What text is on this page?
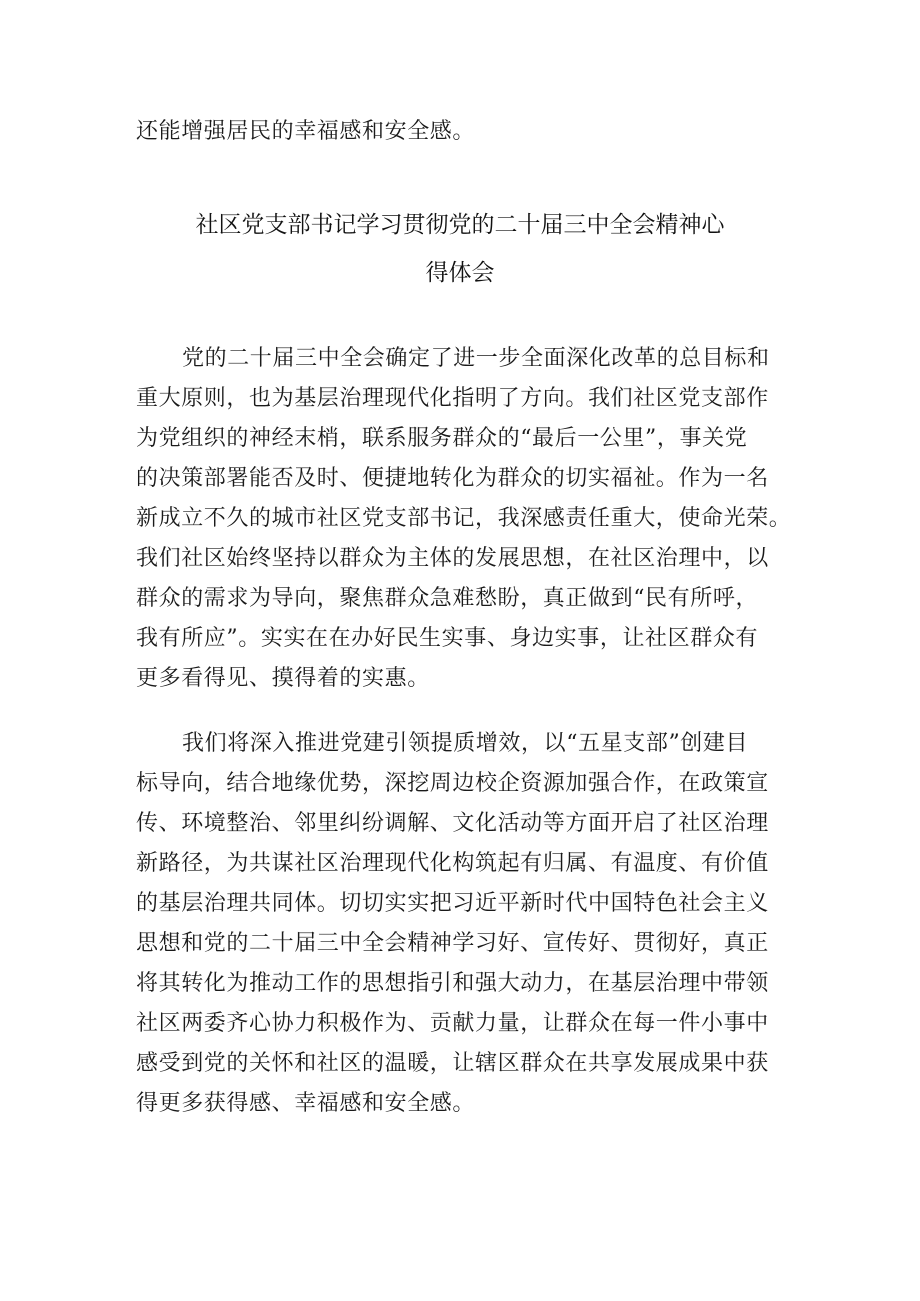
还能增强居民的幸福感和安全感。
社区党支部书记学习贯彻党的二十届三中全会精神心
得体会
党的二十届三中全会确定了进一步全面深化改革的总目标和
重大原则，也为基层治理现代化指明了方向。我们社区党支部作
为党组织的神经末梢，联系服务群众的“最后一公里”，事关党
的决策部署能否及时、便捷地转化为群众的切实福祉。作为一名
新成立不久的城市社区党支部书记，我深感责任重大，使命光荣。
我们社区始终坚持以群众为主体的发展思想，在社区治理中，以
群众的需求为导向，聚焦群众急难愁盼，真正做到“民有所呼，
我有所应”。实实在在办好民生实事、身边实事，让社区群众有
更多看得见、摸得着的实惠。
我们将深入推进党建引领提质增效，以“五星支部”创建目
标导向，结合地缘优势，深挖周边校企资源加强合作，在政策宣
传、环境整治、邻里纠纷调解、文化活动等方面开启了社区治理
新路径，为共谋社区治理现代化构筑起有归属、有温度、有价值
的基层治理共同体。切切实实把习近平新时代中国特色社会主义
思想和党的二十届三中全会精神学习好、宣传好、贯彻好，真正
将其转化为推动工作的思想指引和强大动力，在基层治理中带领
社区两委齐心协力积极作为、贡献力量，让群众在每一件小事中
感受到党的关怀和社区的温暖，让辖区群众在共享发展成果中获
得更多获得感、幸福感和安全感。
